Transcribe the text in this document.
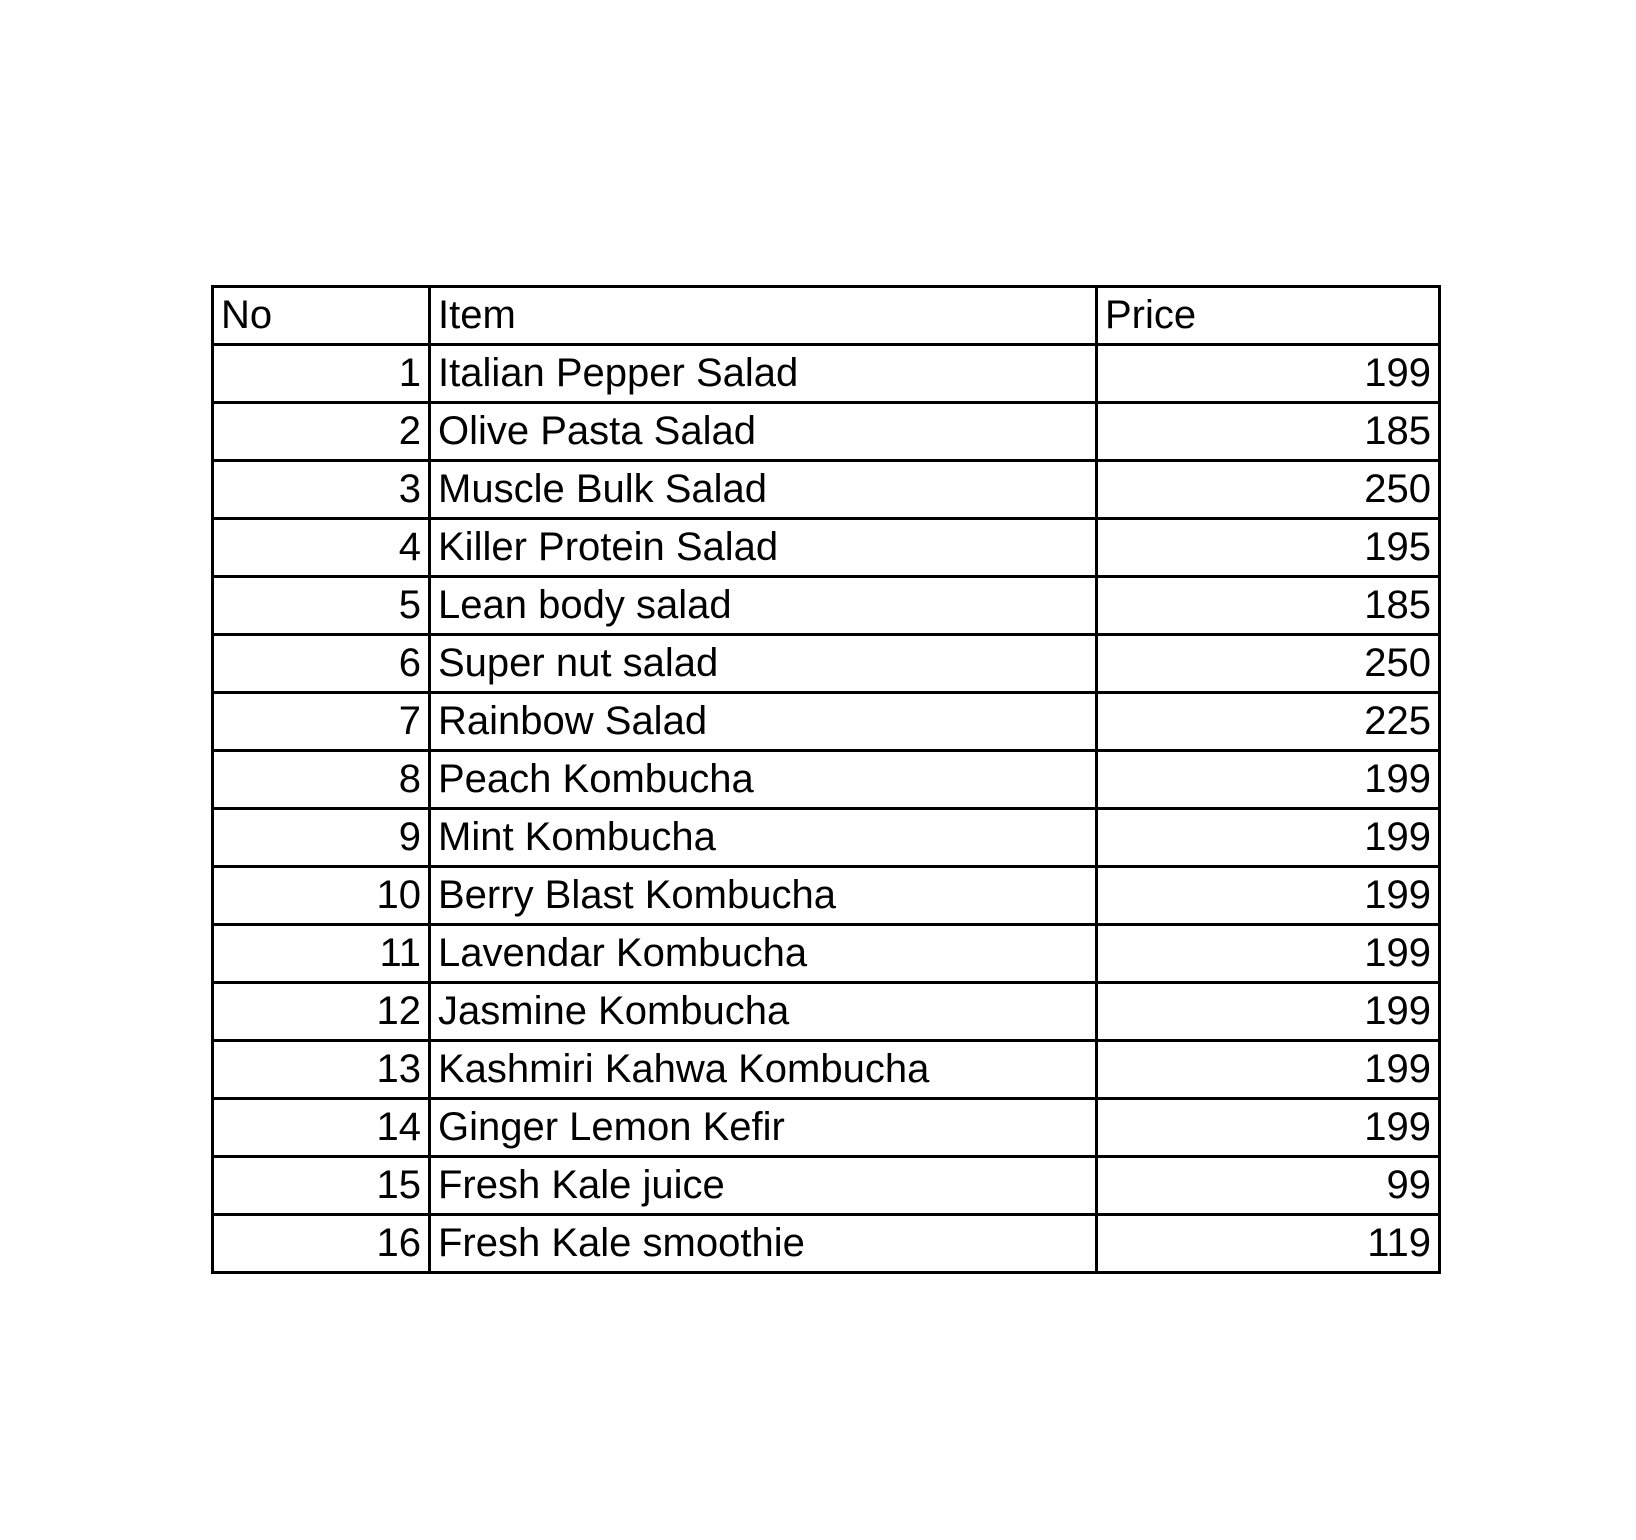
No	Item	Price
1	Italian Pepper Salad	199
2	Olive Pasta Salad	185
3	Muscle Bulk Salad	250
4	Killer Protein Salad	195
5	Lean body salad	185
6	Super nut salad	250
7	Rainbow Salad	225
8	Peach Kombucha	199
9	Mint Kombucha	199
10	Berry Blast Kombucha	199
11	Lavendar Kombucha	199
12	Jasmine Kombucha	199
13	Kashmiri Kahwa Kombucha	199
14	Ginger Lemon Kefir	199
15	Fresh Kale juice	99
16	Fresh Kale smoothie	119
